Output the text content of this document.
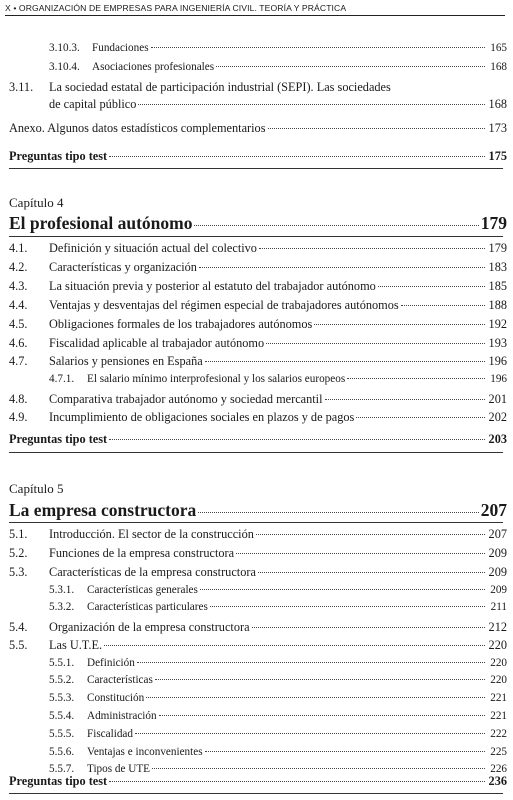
X • ORGANIZACIÓN DE EMPRESAS PARA INGENIERÍA CIVIL. TEORÍA Y PRÁCTICA
3.10.3.	Fundaciones	165
3.10.4.	Asociaciones profesionales	168
3.11. La sociedad estatal de participación industrial (SEPI). Las sociedades
de capital público	168
Anexo. Algunos datos estadísticos complementarios	173
Preguntas tipo test	175
Capítulo 4
El profesional autónomo	179
4.1.	Definición y situación actual del colectivo	179
4.2.	Características y organización	183
4.3.	La situación previa y posterior al estatuto del trabajador autónomo	185
4.4.	Ventajas y desventajas del régimen especial de trabajadores autónomos	188
4.5.	Obligaciones formales de los trabajadores autónomos	192
4.6.	Fiscalidad aplicable al trabajador autónomo	193
4.7.	Salarios y pensiones en España	196
4.7.1.	El salario mínimo interprofesional y los salarios europeos	196
4.8.	Comparativa trabajador autónomo y sociedad mercantil	201
4.9.	Incumplimiento de obligaciones sociales en plazos y de pagos	202
Preguntas tipo test	203
Capítulo 5
La empresa constructora	207
5.1.	Introducción. El sector de la construcción	207
5.2.	Funciones de la empresa constructora	209
5.3.	Características de la empresa constructora	209
5.3.1.	Características generales	209
5.3.2.	Características particulares	211
5.4.	Organización de la empresa constructora	212
5.5.	Las U.T.E.	220
5.5.1.	Definición	220
5.5.2.	Características	220
5.5.3.	Constitución	221
5.5.4.	Administración	221
5.5.5.	Fiscalidad	222
5.5.6.	Ventajas e inconvenientes	225
5.5.7.	Tipos de UTE	226
Preguntas tipo test	236
